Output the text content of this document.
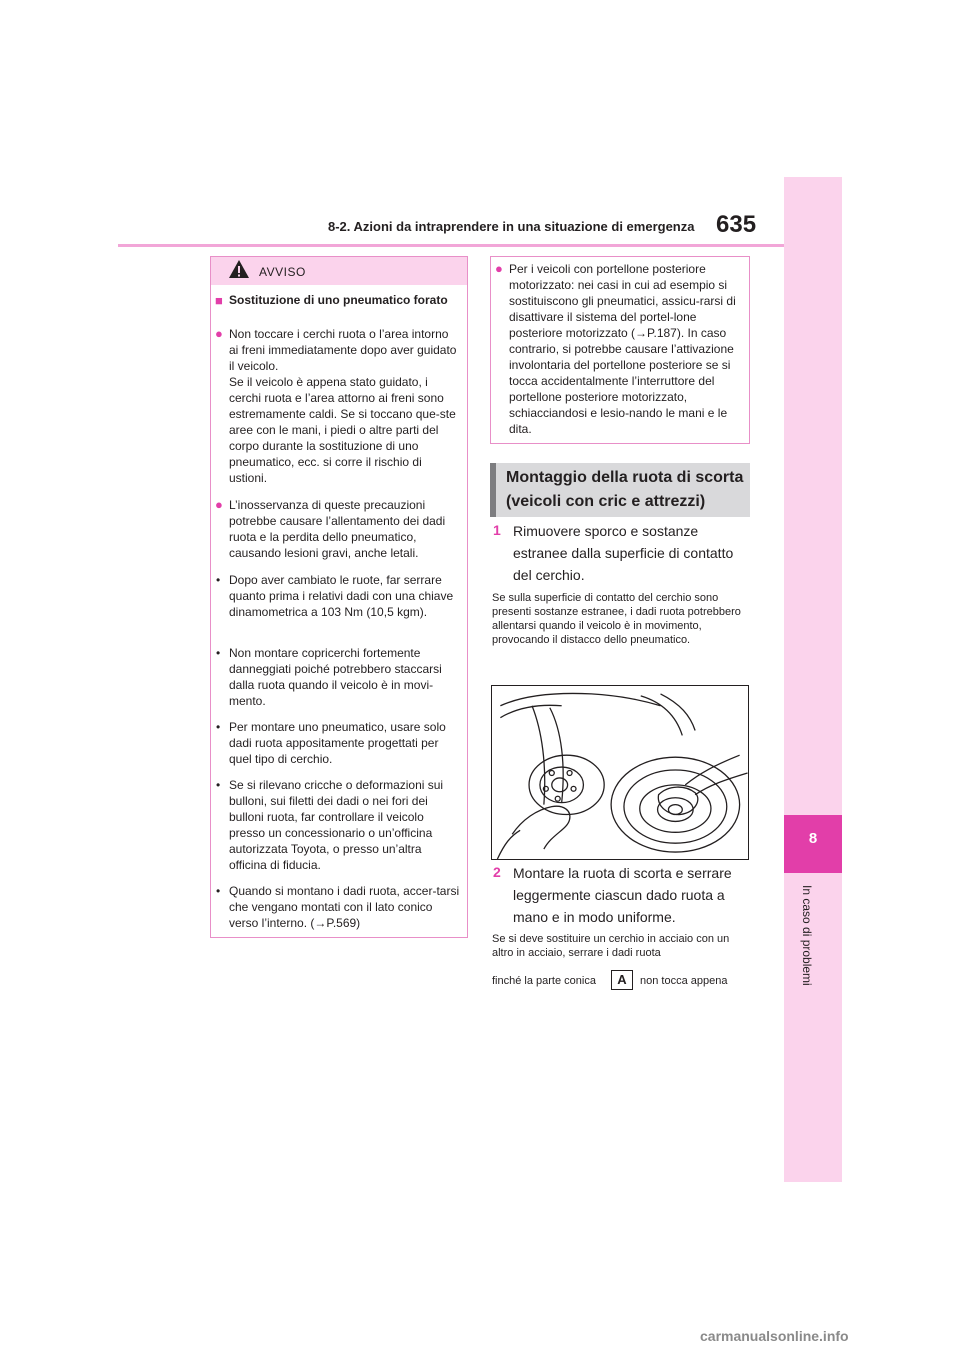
8-2. Azioni da intraprendere in una situazione di emergenza 635
8
In caso di problemi
AVVISO
■ Sostituzione di uno pneumatico forato
● Non toccare i cerchi ruota o l’area intorno ai freni immediatamente dopo aver guidato il veicolo.
Se il veicolo è appena stato guidato, i cerchi ruota e l’area attorno ai freni sono estremamente caldi. Se si toccano que-ste aree con le mani, i piedi o altre parti del corpo durante la sostituzione di uno pneumatico, ecc. si corre il rischio di ustioni.
● L’inosservanza di queste precauzioni potrebbe causare l’allentamento dei dadi ruota e la perdita dello pneumatico, causando lesioni gravi, anche letali.
• Dopo aver cambiato le ruote, far serrare quanto prima i relativi dadi con una chiave dinamometrica a 103 Nm (10,5 kgm).
• Non montare copricerchi fortemente danneggiati poiché potrebbero staccarsi dalla ruota quando il veicolo è in movi-mento.
• Per montare uno pneumatico, usare solo dadi ruota appositamente progettati per quel tipo di cerchio.
• Se si rilevano cricche o deformazioni sui bulloni, sui filetti dei dadi o nei fori dei bulloni ruota, far controllare il veicolo presso un concessionario o un’officina autorizzata Toyota, o presso un’altra officina di fiducia.
• Quando si montano i dadi ruota, accer-tarsi che vengano montati con il lato conico verso l’interno. (→P.569)
● Per i veicoli con portellone posteriore motorizzato: nei casi in cui ad esempio si sostituiscono gli pneumatici, assicu-rarsi di disattivare il sistema del portel-lone posteriore motorizzato (→P.187). In caso contrario, si potrebbe causare l’attivazione involontaria del portellone posteriore se si tocca accidentalmente l’interruttore del portellone posteriore motorizzato, schiacciandosi e lesio-nando le mani e le dita.
Montaggio della ruota di scorta (veicoli con cric e attrezzi)
1 Rimuovere sporco e sostanze estranee dalla superficie di contatto del cerchio.
Se sulla superficie di contatto del cerchio sono presenti sostanze estranee, i dadi ruota potrebbero allentarsi quando il veicolo è in movimento, provocando il distacco dello pneumatico.
2 Montare la ruota di scorta e serrare leggermente ciascun dado ruota a mano e in modo uniforme.
Se si deve sostituire un cerchio in acciaio con un altro in acciaio, serrare i dadi ruota
finché la parte conica	A	non tocca appena
carmanualsonline.info
